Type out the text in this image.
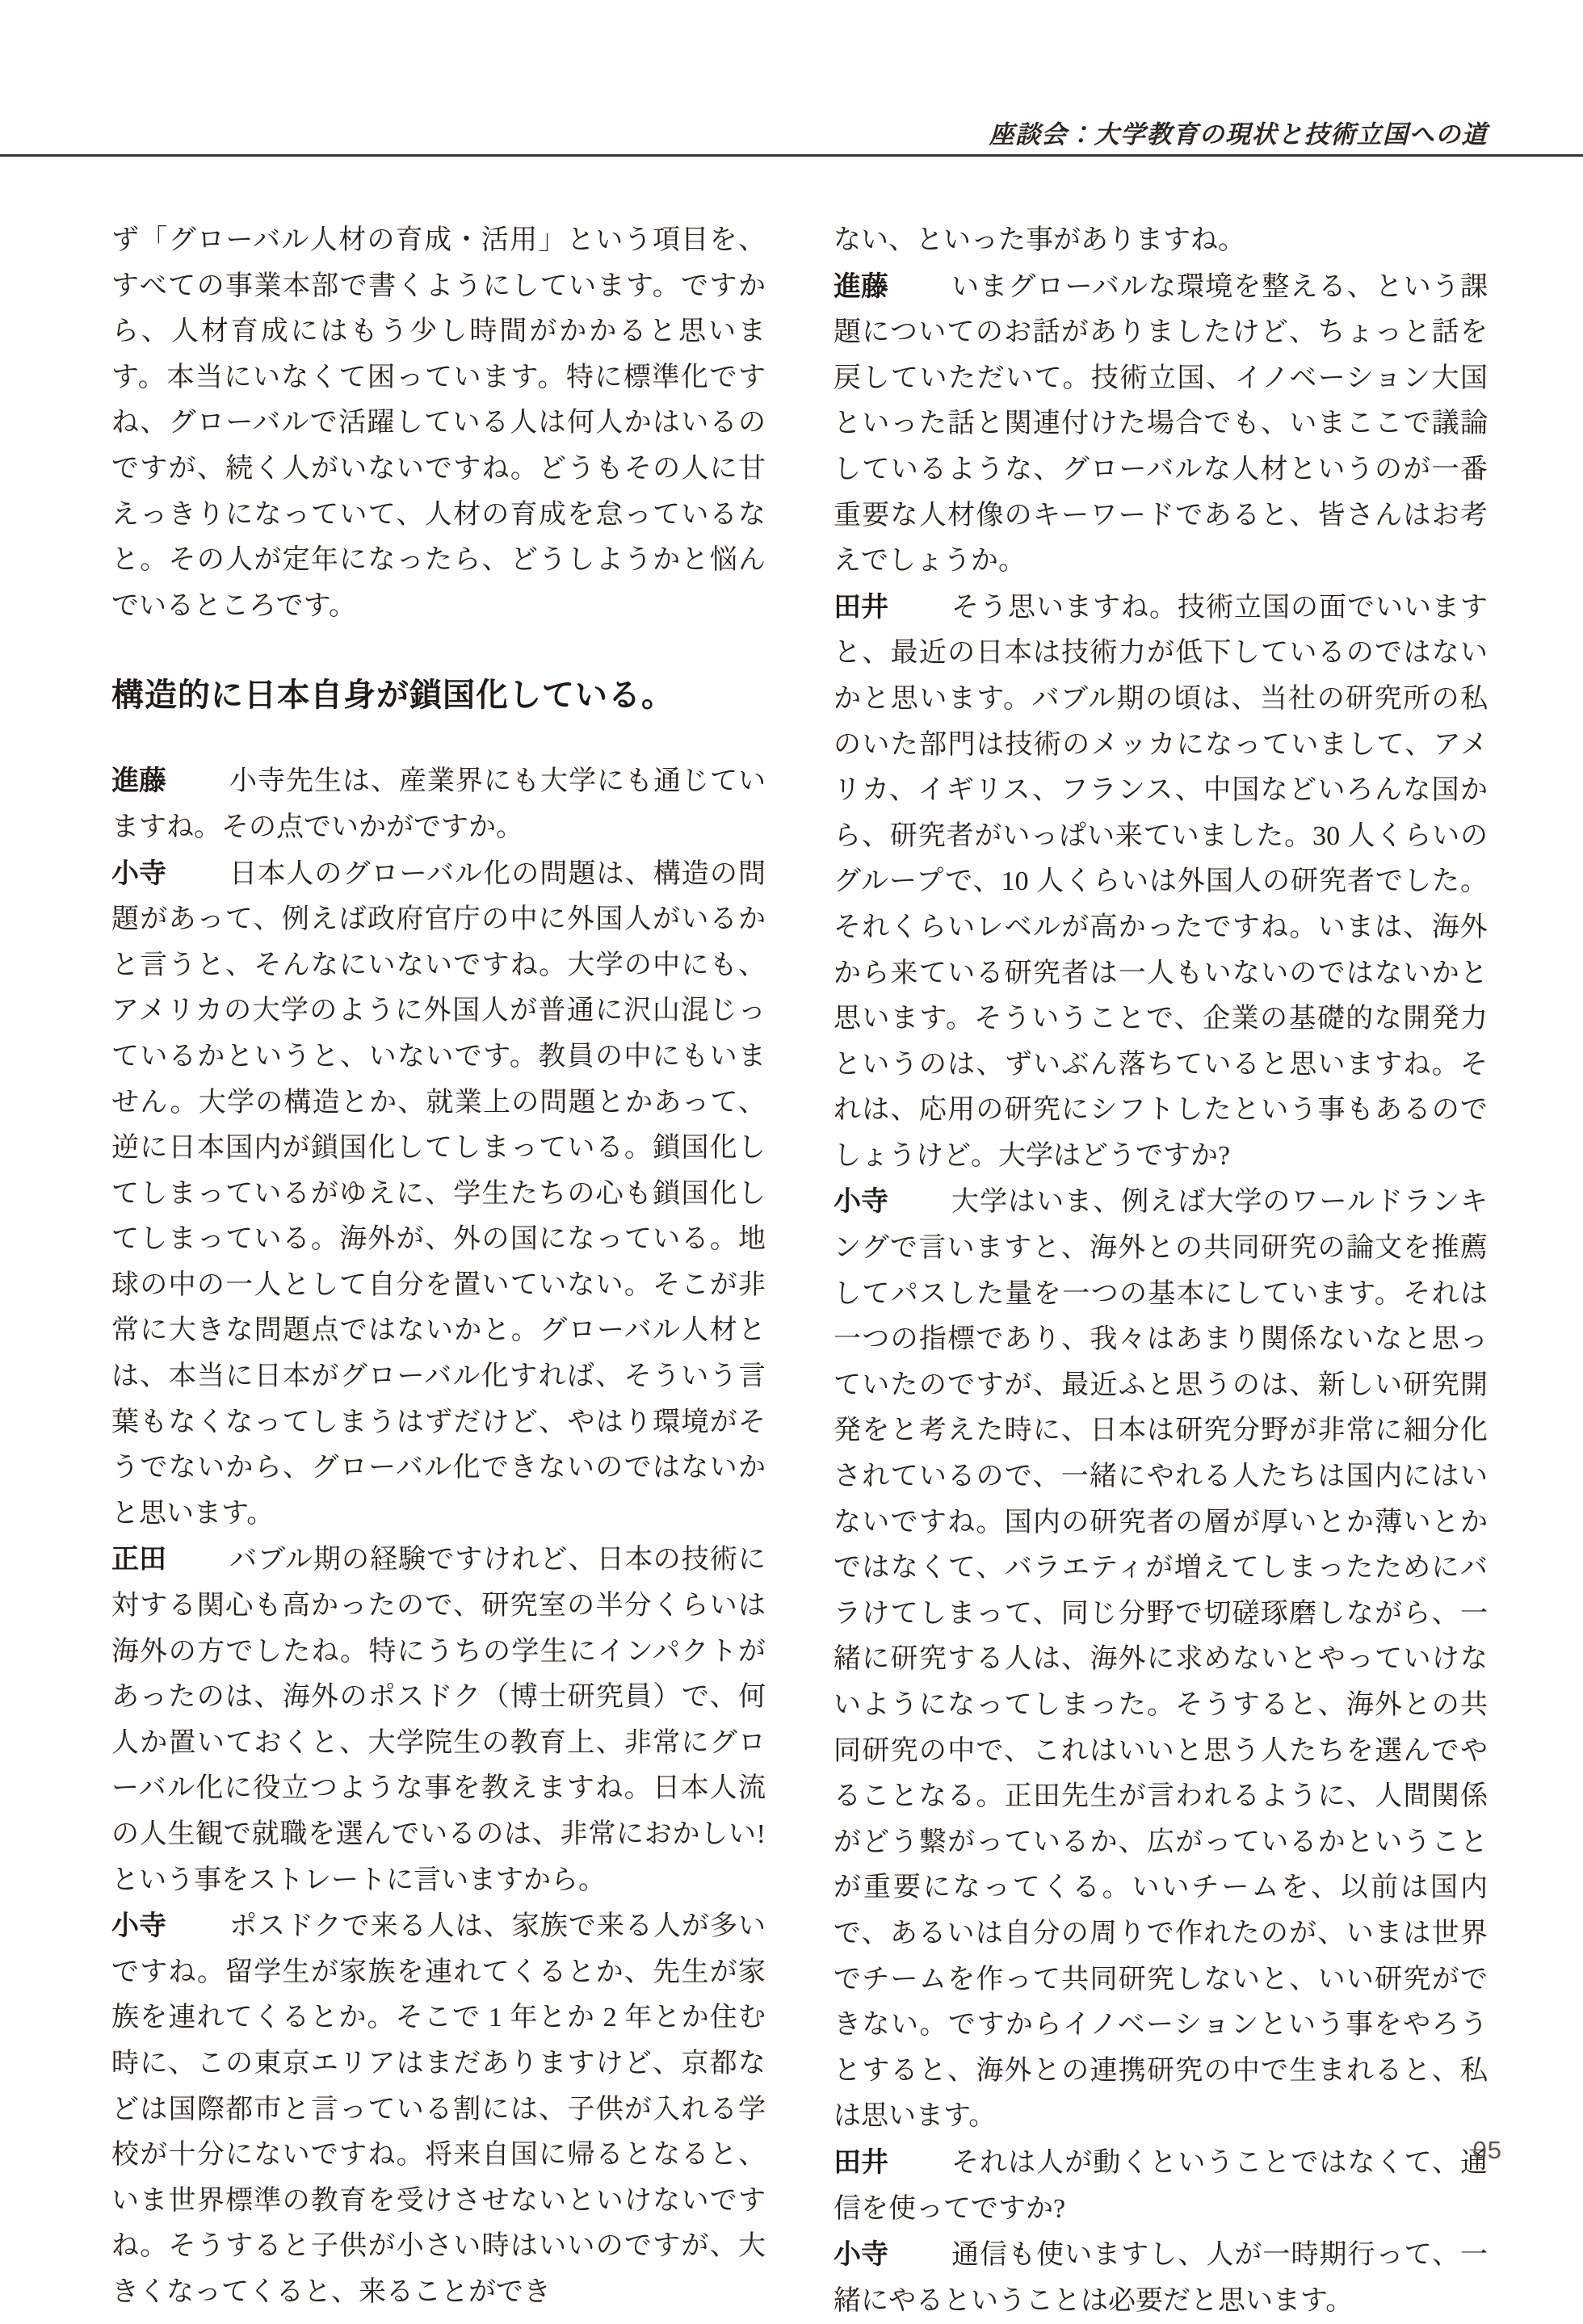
座談会：大学教育の現状と技術立国への道

ず「グローバル人材の育成・活用」という項目を、すべての事業本部で書くようにしています。ですから、人材育成にはもう少し時間がかかると思います。本当にいなくて困っています。特に標準化ですね、グローバルで活躍している人は何人かはいるのですが、続く人がいないですね。どうもその人に甘えっきりになっていて、人材の育成を怠っているなと。その人が定年になったら、どうしようかと悩んでいるところです。

構造的に日本自身が鎖国化している。

進藤 小寺先生は、産業界にも大学にも通じていますね。その点でいかがですか。

小寺 日本人のグローバル化の問題は、構造の問題があって、例えば政府官庁の中に外国人がいるかと言うと、そんなにいないですね。大学の中にも、アメリカの大学のように外国人が普通に沢山混じっているかというと、いないです。教員の中にもいません。大学の構造とか、就業上の問題とかあって、逆に日本国内が鎖国化してしまっている。鎖国化してしまっているがゆえに、学生たちの心も鎖国化してしまっている。海外が、外の国になっている。地球の中の一人として自分を置いていない。そこが非常に大きな問題点ではないかと。グローバル人材とは、本当に日本がグローバル化すれば、そういう言葉もなくなってしまうはずだけど、やはり環境がそうでないから、グローバル化できないのではないかと思います。

正田 バブル期の経験ですけれど、日本の技術に対する関心も高かったので、研究室の半分くらいは海外の方でしたね。特にうちの学生にインパクトがあったのは、海外のポスドク（博士研究員）で、何人か置いておくと、大学院生の教育上、非常にグローバル化に役立つような事を教えますね。日本人流の人生観で就職を選んでいるのは、非常におかしい!という事をストレートに言いますから。

小寺 ポスドクで来る人は、家族で来る人が多いですね。留学生が家族を連れてくるとか、先生が家族を連れてくるとか。そこで 1 年とか 2 年とか住む時に、この東京エリアはまだありますけど、京都などは国際都市と言っている割には、子供が入れる学校が十分にないですね。将来自国に帰るとなると、いま世界標準の教育を受けさせないといけないですね。そうすると子供が小さい時はいいのですが、大きくなってくると、来ることができ

ない、といった事がありますね。

進藤 いまグローバルな環境を整える、という課題についてのお話がありましたけど、ちょっと話を戻していただいて。技術立国、イノベーション大国といった話と関連付けた場合でも、いまここで議論しているような、グローバルな人材というのが一番重要な人材像のキーワードであると、皆さんはお考えでしょうか。

田井 そう思いますね。技術立国の面でいいますと、最近の日本は技術力が低下しているのではないかと思います。バブル期の頃は、当社の研究所の私のいた部門は技術のメッカになっていまして、アメリカ、イギリス、フランス、中国などいろんな国から、研究者がいっぱい来ていました。30 人くらいのグループで、10 人くらいは外国人の研究者でした。それくらいレベルが高かったですね。いまは、海外から来ている研究者は一人もいないのではないかと思います。そういうことで、企業の基礎的な開発力というのは、ずいぶん落ちていると思いますね。それは、応用の研究にシフトしたという事もあるのでしょうけど。大学はどうですか?

小寺 大学はいま、例えば大学のワールドランキングで言いますと、海外との共同研究の論文を推薦してパスした量を一つの基本にしています。それは一つの指標であり、我々はあまり関係ないなと思っていたのですが、最近ふと思うのは、新しい研究開発をと考えた時に、日本は研究分野が非常に細分化されているので、一緒にやれる人たちは国内にはいないですね。国内の研究者の層が厚いとか薄いとかではなくて、バラエティが増えてしまったためにバラけてしまって、同じ分野で切磋琢磨しながら、一緒に研究する人は、海外に求めないとやっていけないようになってしまった。そうすると、海外との共同研究の中で、これはいいと思う人たちを選んでやることなる。正田先生が言われるように、人間関係がどう繋がっているか、広がっているかということが重要になってくる。いいチームを、以前は国内で、あるいは自分の周りで作れたのが、いまは世界でチームを作って共同研究しないと、いい研究ができない。ですからイノベーションという事をやろうとすると、海外との連携研究の中で生まれると、私は思います。

田井 それは人が動くということではなくて、通信を使ってですか?

小寺 通信も使いますし、人が一時期行って、一緒にやるということは必要だと思います。

05
